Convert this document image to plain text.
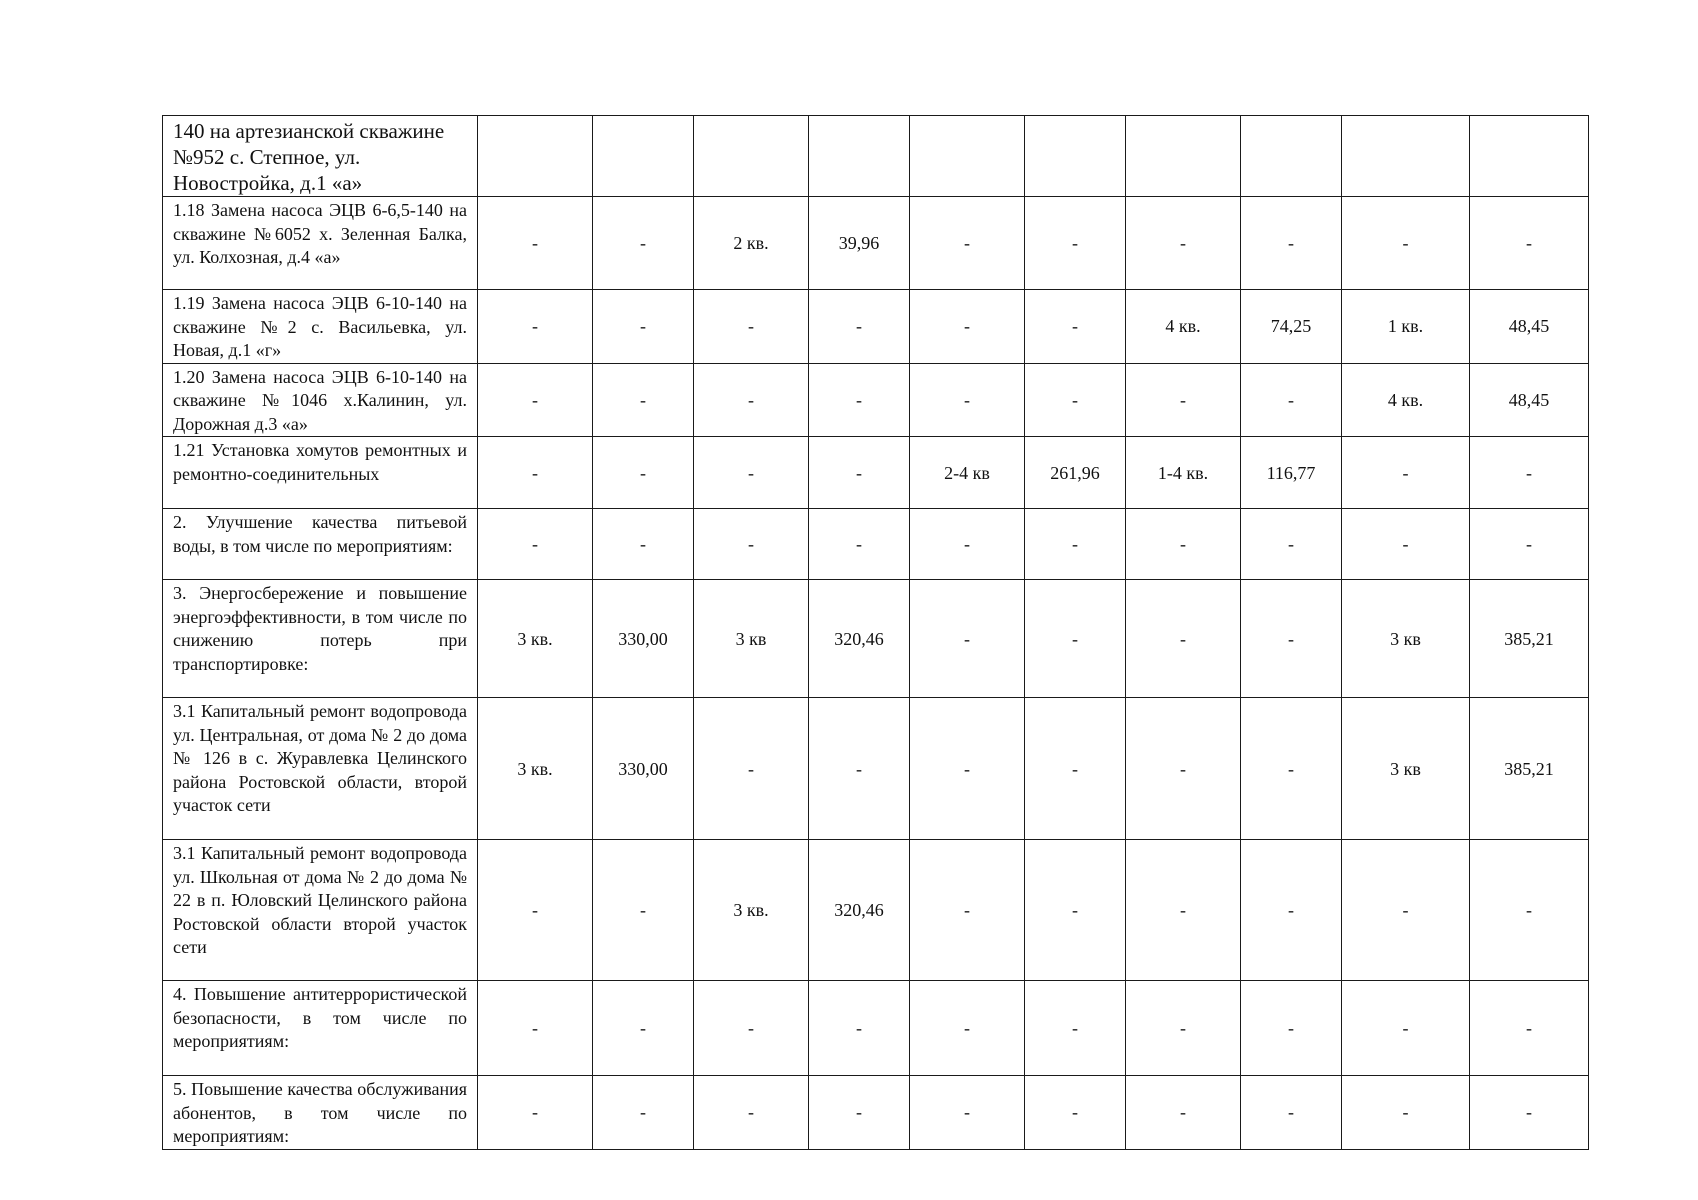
140 на артезианской скважине №952 с. Степное, ул. Новостройка, д.1 «а»										
1.18 Замена насоса ЭЦВ 6-6,5-140 на скважине №6052 х. Зеленная Балка, ул. Колхозная, д.4 «а»	-	-	2 кв.	39,96	-	-	-	-	-	-
1.19 Замена насоса ЭЦВ 6-10-140 на скважине №2 с. Васильевка, ул. Новая, д.1 «г»	-	-	-	-	-	-	4 кв.	74,25	1 кв.	48,45
1.20 Замена насоса ЭЦВ 6-10-140 на скважине №1046 х.Калинин, ул. Дорожная д.3 «а»	-	-	-	-	-	-	-	-	4 кв.	48,45
1.21 Установка хомутов ремонтных и ремонтно-соединительных	-	-	-	-	2-4 кв	261,96	1-4 кв.	116,77	-	-
2. Улучшение качества питьевой воды, в том числе по мероприятиям:	-	-	-	-	-	-	-	-	-	-
3. Энергосбережение и повышение энергоэффективности, в том числе по снижению потерь при транспортировке:	3 кв.	330,00	3 кв	320,46	-	-	-	-	3 кв	385,21
3.1 Капитальный ремонт водопровода ул. Центральная, от дома № 2 до дома № 126 в с. Журавлевка Целинского района Ростовской области, второй участок сети	3 кв.	330,00	-	-	-	-	-	-	3 кв	385,21
3.1 Капитальный ремонт водопровода ул. Школьная от дома № 2 до дома № 22 в п. Юловский Целинского района Ростовской области второй участок сети	-	-	3 кв.	320,46	-	-	-	-	-	-
4. Повышение антитеррористической безопасности, в том числе по мероприятиям:	-	-	-	-	-	-	-	-	-	-
5. Повышение качества обслуживания абонентов, в том числе по мероприятиям:	-	-	-	-	-	-	-	-	-	-
